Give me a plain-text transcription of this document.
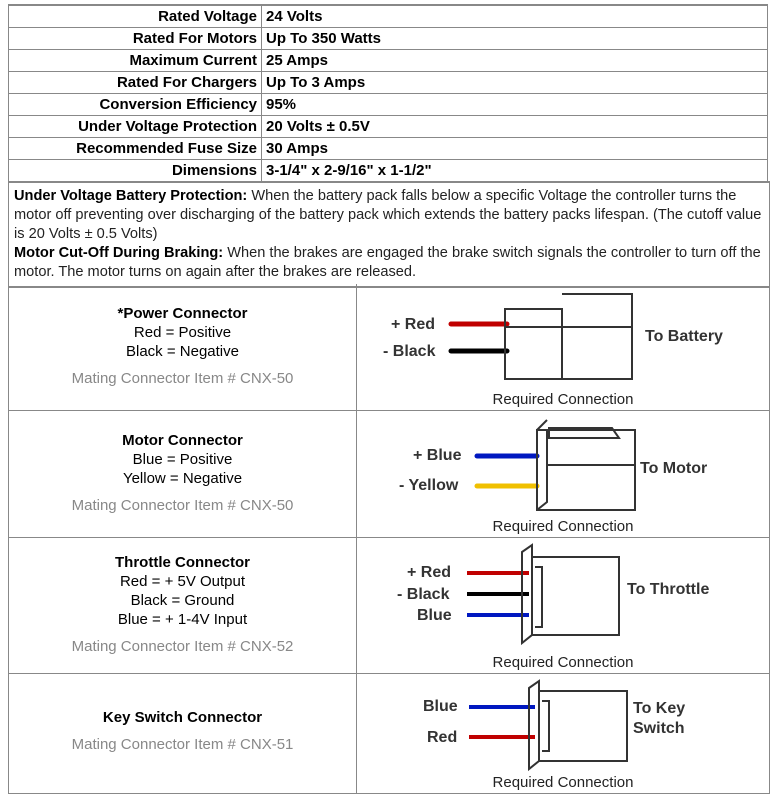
Rated Voltage	24 Volts
Rated For Motors	Up To 350 Watts
Maximum Current	25 Amps
Rated For Chargers	Up To 3 Amps
Conversion Efficiency	95%
Under Voltage Protection	20 Volts ± 0.5V
Recommended Fuse Size	30 Amps
Dimensions	3-1/4" x 2-9/16" x 1-1/2"
Under Voltage Battery Protection: When the battery pack falls below a specific Voltage the controller turns the motor off preventing over discharging of the battery pack which extends the battery packs lifespan. (The cutoff value is 20 Volts ± 0.5 Volts)
Motor Cut-Off During Braking: When the brakes are engaged the brake switch signals the controller to turn off the motor. The motor turns on again after the brakes are released.
*Power Connector
Red = Positive
Black = Negative
Mating Connector Item # CNX-50
+ Red
- Black
To Battery
Required Connection
Motor Connector
Blue = Positive
Yellow = Negative
Mating Connector Item # CNX-50
+ Blue
- Yellow
To Motor
Required Connection
Throttle Connector
Red = + 5V Output
Black = Ground
Blue = + 1-4V Input
Mating Connector Item # CNX-52
+ Red
- Black
Blue
To Throttle
Required Connection
Key Switch Connector
Mating Connector Item # CNX-51
Blue
Red
To Key
Switch
Required Connection
